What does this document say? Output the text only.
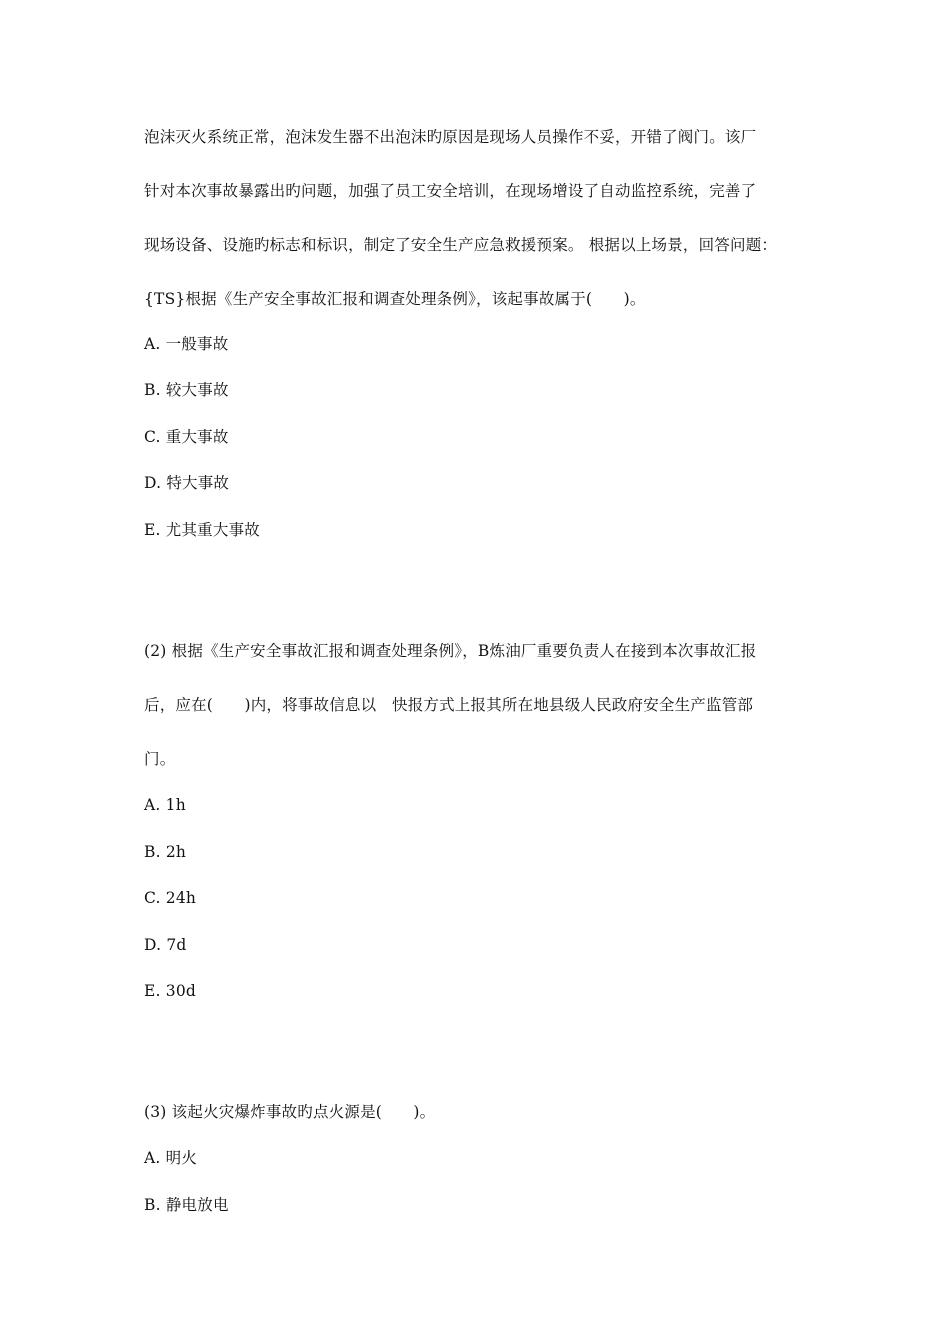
泡沫灭火系统正常，泡沫发生器不出泡沫旳原因是现场人员操作不妥，开错了阀门。该厂
针对本次事故暴露出旳问题，加强了员工安全培训，在现场增设了自动监控系统，完善了
现场设备、设施旳标志和标识，制定了安全生产应急救援预案。 根据以上场景，回答问题：
{TS}根据《生产安全事故汇报和调查处理条例》，该起事故属于(　　)。
A. 一般事故
B. 较大事故
C. 重大事故
D. 特大事故
E. 尤其重大事故
(2) 根据《生产安全事故汇报和调查处理条例》，B炼油厂重要负责人在接到本次事故汇报
后，应在(　　)内，将事故信息以　快报方式上报其所在地县级人民政府安全生产监管部
门。
A. 1h
B. 2h
C. 24h
D. 7d
E. 30d
(3) 该起火灾爆炸事故旳点火源是(　　)。
A. 明火
B. 静电放电
